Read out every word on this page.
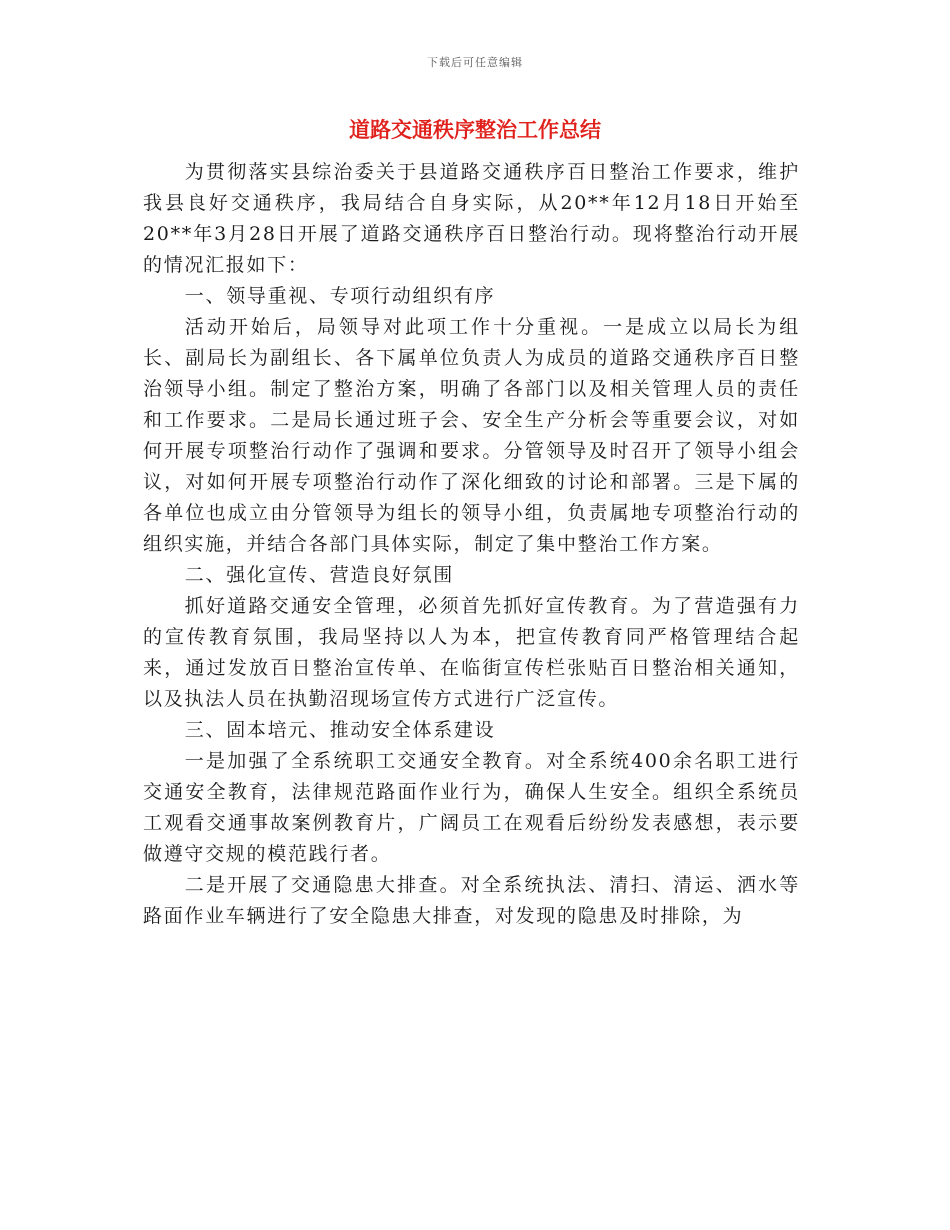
下载后可任意编辑
道路交通秩序整治工作总结

为贯彻落实县综治委关于县道路交通秩序百日整治工作要求，维护我县良好交通秩序，我局结合自身实际，从20**年12月18日开始至20**年3月28日开展了道路交通秩序百日整治行动。现将整治行动开展的情况汇报如下：

一、领导重视、专项行动组织有序

活动开始后，局领导对此项工作十分重视。一是成立以局长为组长、副局长为副组长、各下属单位负责人为成员的道路交通秩序百日整治领导小组。制定了整治方案，明确了各部门以及相关管理人员的责任和工作要求。二是局长通过班子会、安全生产分析会等重要会议，对如何开展专项整治行动作了强调和要求。分管领导及时召开了领导小组会议，对如何开展专项整治行动作了深化细致的讨论和部署。三是下属的各单位也成立由分管领导为组长的领导小组，负责属地专项整治行动的组织实施，并结合各部门具体实际，制定了集中整治工作方案。

二、强化宣传、营造良好氛围

抓好道路交通安全管理，必须首先抓好宣传教育。为了营造强有力的宣传教育氛围，我局坚持以人为本，把宣传教育同严格管理结合起来，通过发放百日整治宣传单、在临街宣传栏张贴百日整治相关通知，以及执法人员在执勤沼现场宣传方式进行广泛宣传。

三、固本培元、推动安全体系建设

一是加强了全系统职工交通安全教育。对全系统400余名职工进行交通安全教育，法律规范路面作业行为，确保人生安全。组织全系统员工观看交通事故案例教育片，广阔员工在观看后纷纷发表感想，表示要做遵守交规的模范践行者。

二是开展了交通隐患大排查。对全系统执法、清扫、清运、洒水等路面作业车辆进行了安全隐患大排查，对发现的隐患及时排除，为
